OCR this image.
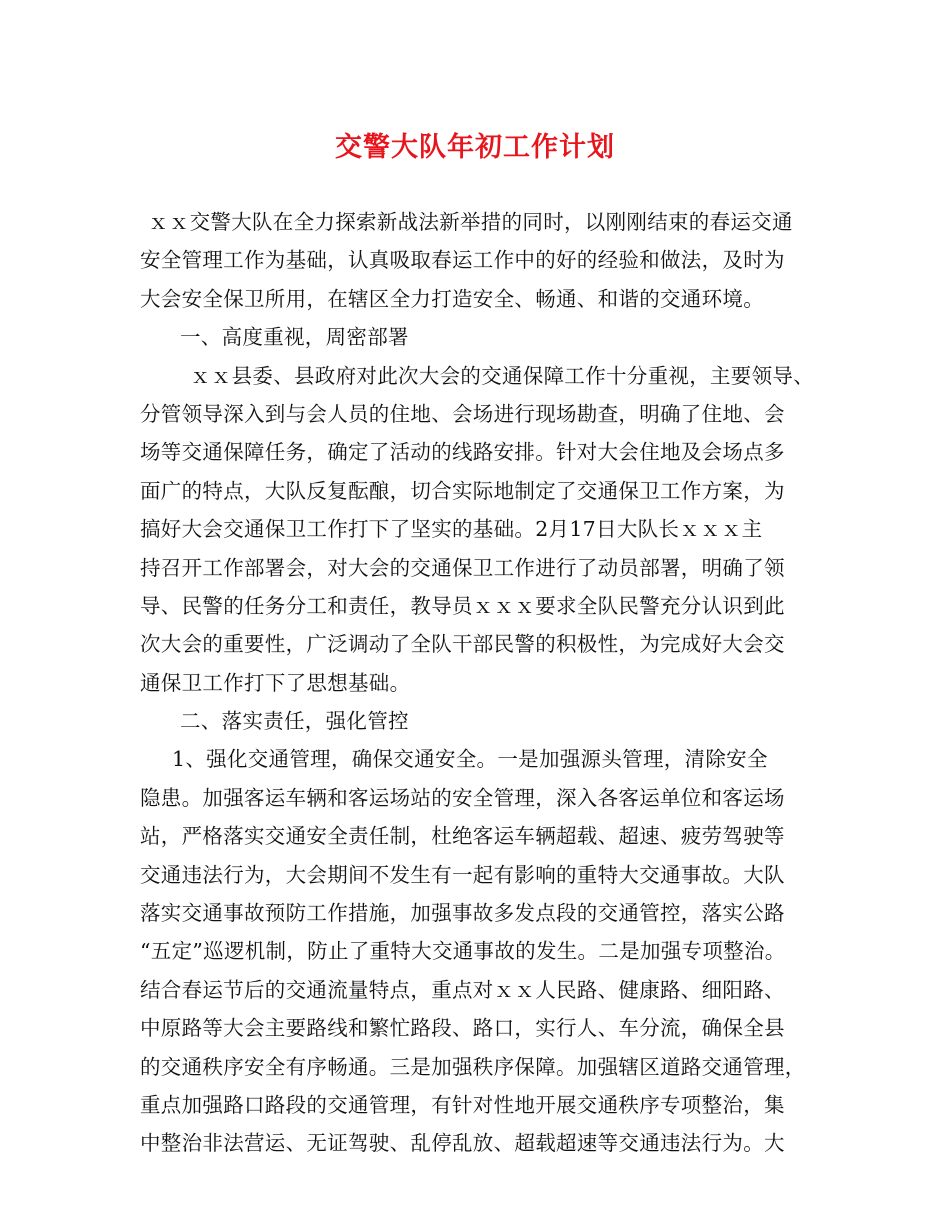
交警大队年初工作计划
ｘｘ交警大队在全力探索新战法新举措的同时，以刚刚结束的春运交通
安全管理工作为基础，认真吸取春运工作中的好的经验和做法，及时为
大会安全保卫所用，在辖区全力打造安全、畅通、和谐的交通环境。
一、高度重视，周密部署
ｘｘ县委、县政府对此次大会的交通保障工作十分重视，主要领导、
分管领导深入到与会人员的住地、会场进行现场勘查，明确了住地、会
场等交通保障任务，确定了活动的线路安排。针对大会住地及会场点多
面广的特点，大队反复酝酿，切合实际地制定了交通保卫工作方案，为
搞好大会交通保卫工作打下了坚实的基础。2月17日大队长ｘｘｘ主
持召开工作部署会，对大会的交通保卫工作进行了动员部署，明确了领
导、民警的任务分工和责任，教导员ｘｘｘ要求全队民警充分认识到此
次大会的重要性，广泛调动了全队干部民警的积极性，为完成好大会交
通保卫工作打下了思想基础。
二、落实责任，强化管控
1、强化交通管理，确保交通安全。一是加强源头管理，清除安全
隐患。加强客运车辆和客运场站的安全管理，深入各客运单位和客运场
站，严格落实交通安全责任制，杜绝客运车辆超载、超速、疲劳驾驶等
交通违法行为，大会期间不发生有一起有影响的重特大交通事故。大队
落实交通事故预防工作措施，加强事故多发点段的交通管控，落实公路
“五定”巡逻机制，防止了重特大交通事故的发生。二是加强专项整治。
结合春运节后的交通流量特点，重点对ｘｘ人民路、健康路、细阳路、
中原路等大会主要路线和繁忙路段、路口，实行人、车分流，确保全县
的交通秩序安全有序畅通。三是加强秩序保障。加强辖区道路交通管理，
重点加强路口路段的交通管理，有针对性地开展交通秩序专项整治，集
中整治非法营运、无证驾驶、乱停乱放、超载超速等交通违法行为。大
